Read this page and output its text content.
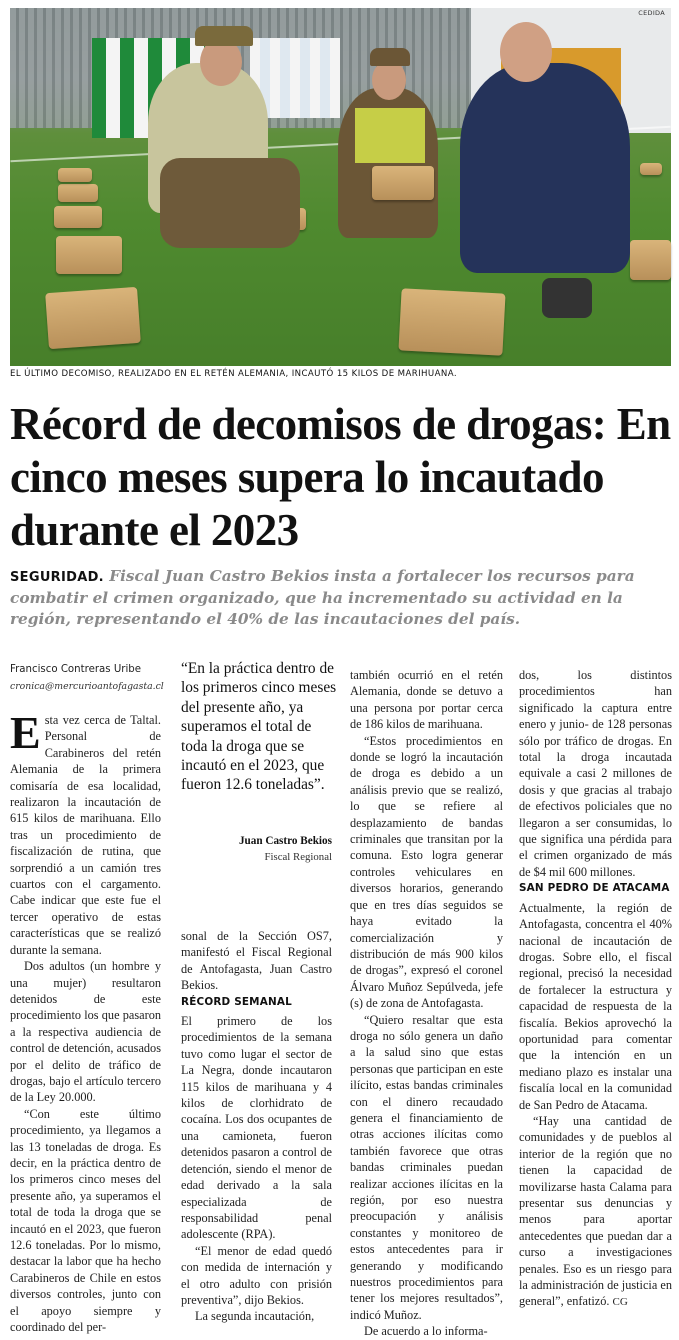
CEDIDA
EL ÚLTIMO DECOMISO, REALIZADO EN EL RETÉN ALEMANIA, INCAUTÓ 15 KILOS DE MARIHUANA.
Récord de decomisos de drogas: En cinco meses supera lo incautado durante el 2023
SEGURIDAD. Fiscal Juan Castro Bekios insta a fortalecer los recursos para combatir el crimen organizado, que ha incrementado su actividad en la región, representando el 40% de las incautaciones del país.
Francisco Contreras Uribe
cronica@mercurioantofagasta.cl

Esta vez cerca de Taltal. Personal de Carabineros del retén Alemania de la primera comisaría de esa localidad, realizaron la incautación de 615 kilos de marihuana. Ello tras un procedimiento de fiscalización de rutina, que sorprendió a un camión tres cuartos con el cargamento. Cabe indicar que este fue el tercer operativo de estas características que se realizó durante la semana.

Dos adultos (un hombre y una mujer) resultaron detenidos de este procedimiento los que pasaron a la respectiva audiencia de control de detención, acusados por el delito de tráfico de drogas, bajo el artículo tercero de la Ley 20.000.

“Con este último procedimiento, ya llegamos a las 13 toneladas de droga. Es decir, en la práctica dentro de los primeros cinco meses del presente año, ya superamos el total de toda la droga que se incautó en el 2023, que fueron 12.6 toneladas. Por lo mismo, destacar la labor que ha hecho Carabineros de Chile en estos diversos controles, junto con el apoyo siempre y coordinado del per-

“En la práctica dentro de los primeros cinco meses del presente año, ya superamos el total de toda la droga que se incautó en el 2023, que fueron 12.6 toneladas”.
Juan Castro Bekios
Fiscal Regional

sonal de la Sección OS7, manifestó el Fiscal Regional de Antofagasta, Juan Castro Bekios.

RÉCORD SEMANAL

El primero de los procedimientos de la semana tuvo como lugar el sector de La Negra, donde incautaron 115 kilos de marihuana y 4 kilos de clorhidrato de cocaína. Los dos ocupantes de una camioneta, fueron detenidos pasaron a control de detención, siendo el menor de edad derivado a la sala especializada de responsabilidad penal adolescente (RPA).

“El menor de edad quedó con medida de internación y el otro adulto con prisión preventiva”, dijo Bekios.

La segunda incautación,

también ocurrió en el retén Alemania, donde se detuvo a una persona por portar cerca de 186 kilos de marihuana.

“Estos procedimientos en donde se logró la incautación de droga es debido a un análisis previo que se realizó, lo que se refiere al desplazamiento de bandas criminales que transitan por la comuna. Esto logra generar controles vehiculares en diversos horarios, generando que en tres días seguidos se haya evitado la comercialización y distribución de más 900 kilos de drogas”, expresó el coronel Álvaro Muñoz Sepúlveda, jefe (s) de zona de Antofagasta.

“Quiero resaltar que esta droga no sólo genera un daño a la salud sino que estas personas que participan en este ilícito, estas bandas criminales con el dinero recaudado genera el financiamiento de otras acciones ilícitas como también favorece que otras bandas criminales puedan realizar acciones ilícitas en la región, por eso nuestra preocupación y análisis constantes y monitoreo de estos antecedentes para ir generando y modificando nuestros procedimientos para tener los mejores resultados”, indicó Muñoz.

De acuerdo a lo informa-

dos, los distintos procedimientos han significado la captura entre enero y junio- de 128 personas sólo por tráfico de drogas. En total la droga incautada equivale a casi 2 millones de dosis y que gracias al trabajo de efectivos policiales que no llegaron a ser consumidas, lo que significa una pérdida para el crimen organizado de más de $4 mil 600 millones.

SAN PEDRO DE ATACAMA

Actualmente, la región de Antofagasta, concentra el 40% nacional de incautación de drogas. Sobre ello, el fiscal regional, precisó la necesidad de fortalecer la estructura y capacidad de respuesta de la fiscalía. Bekios aprovechó la oportunidad para comentar que la intención en un mediano plazo es instalar una fiscalía local en la comunidad de San Pedro de Atacama.

“Hay una cantidad de comunidades y de pueblos al interior de la región que no tienen la capacidad de movilizarse hasta Calama para presentar sus denuncias y menos para aportar antecedentes que puedan dar a curso a investigaciones penales. Eso es un riesgo para la administración de justicia en general”, enfatizó. CG
